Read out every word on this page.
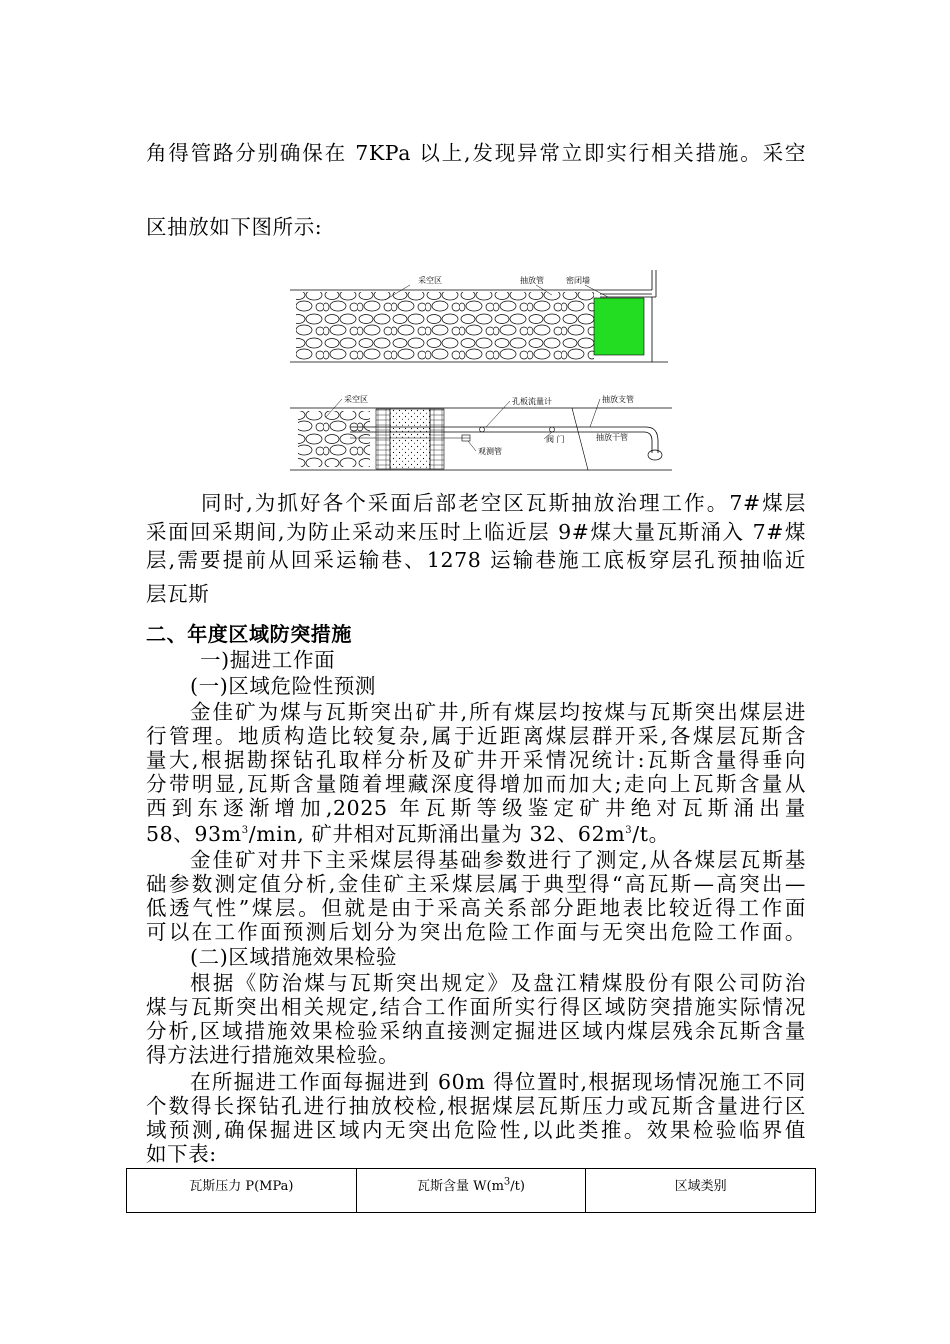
角得管路分别确保在 7KPa 以上,发现异常立即实行相关措施。采空
区抽放如下图所示:
采空区	抽放管	密闭墙
采空区	孔板流量计	抽放支管
阀 门	抽放干管
观测管
同时,为抓好各个采面后部老空区瓦斯抽放治理工作。7#煤层
采面回采期间,为防止采动来压时上临近层 9#煤大量瓦斯涌入 7#煤
层,需要提前从回采运输巷、1278 运输巷施工底板穿层孔预抽临近
层瓦斯
二、年度区域防突措施
一)掘进工作面
(一)区域危险性预测
金佳矿为煤与瓦斯突出矿井,所有煤层均按煤与瓦斯突出煤层进
行管理。地质构造比较复杂,属于近距离煤层群开采,各煤层瓦斯含
量大,根据勘探钻孔取样分析及矿井开采情况统计:瓦斯含量得垂向
分带明显,瓦斯含量随着埋藏深度得增加而加大;走向上瓦斯含量从
西到东逐渐增加,2025 年瓦斯等级鉴定矿井绝对瓦斯涌出量
58、$93m^3/\min$, 矿井相对瓦斯涌出量为 32、$62m^3/t$。
金佳矿对井下主采煤层得基础参数进行了测定,从各煤层瓦斯基
础参数测定值分析,金佳矿主采煤层属于典型得“高瓦斯—高突出—
低透气性”煤层。但就是由于采高关系部分距地表比较近得工作面
可以在工作面预测后划分为突出危险工作面与无突出危险工作面。
(二)区域措施效果检验
根据《防治煤与瓦斯突出规定》及盘江精煤股份有限公司防治
煤与瓦斯突出相关规定,结合工作面所实行得区域防突措施实际情况
分析,区域措施效果检验采纳直接测定掘进区域内煤层残余瓦斯含量
得方法进行措施效果检验。
在所掘进工作面每掘进到 60m 得位置时,根据现场情况施工不同
个数得长探钻孔进行抽放校检,根据煤层瓦斯压力或瓦斯含量进行区
域预测,确保掘进区域内无突出危险性,以此类推。效果检验临界值
如下表:
瓦斯压力 P(MPa)	瓦斯含量 $W(m^3/t)$	区域类别
